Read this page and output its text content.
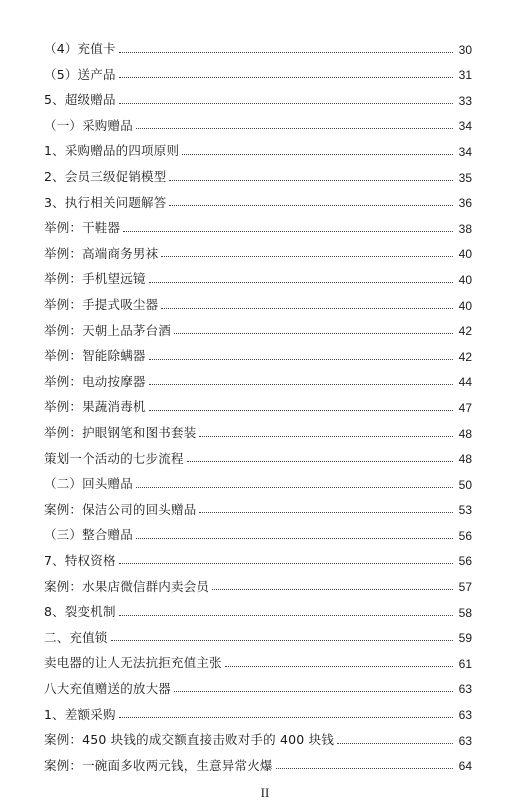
（4）充值卡	30
（5）送产品	31
5、超级赠品	33
（一）采购赠品	34
1、采购赠品的四项原则	34
2、会员三级促销模型	35
3、执行相关问题解答	36
举例：干鞋器	38
举例：高端商务男袜	40
举例：手机望远镜	40
举例：手提式吸尘器	40
举例：天朝上品茅台酒	42
举例：智能除螨器	42
举例：电动按摩器	44
举例：果蔬消毒机	47
举例：护眼钢笔和图书套装	48
策划一个活动的七步流程	48
（二）回头赠品	50
案例：保洁公司的回头赠品	53
（三）整合赠品	56
7、特权资格	56
案例：水果店微信群内卖会员	57
8、裂变机制	58
二、充值锁	59
卖电器的让人无法抗拒充值主张	61
八大充值赠送的放大器	63
1、差额采购	63
案例：450 块钱的成交额直接击败对手的 400 块钱	63
案例：一碗面多收两元钱，生意异常火爆	64
II
